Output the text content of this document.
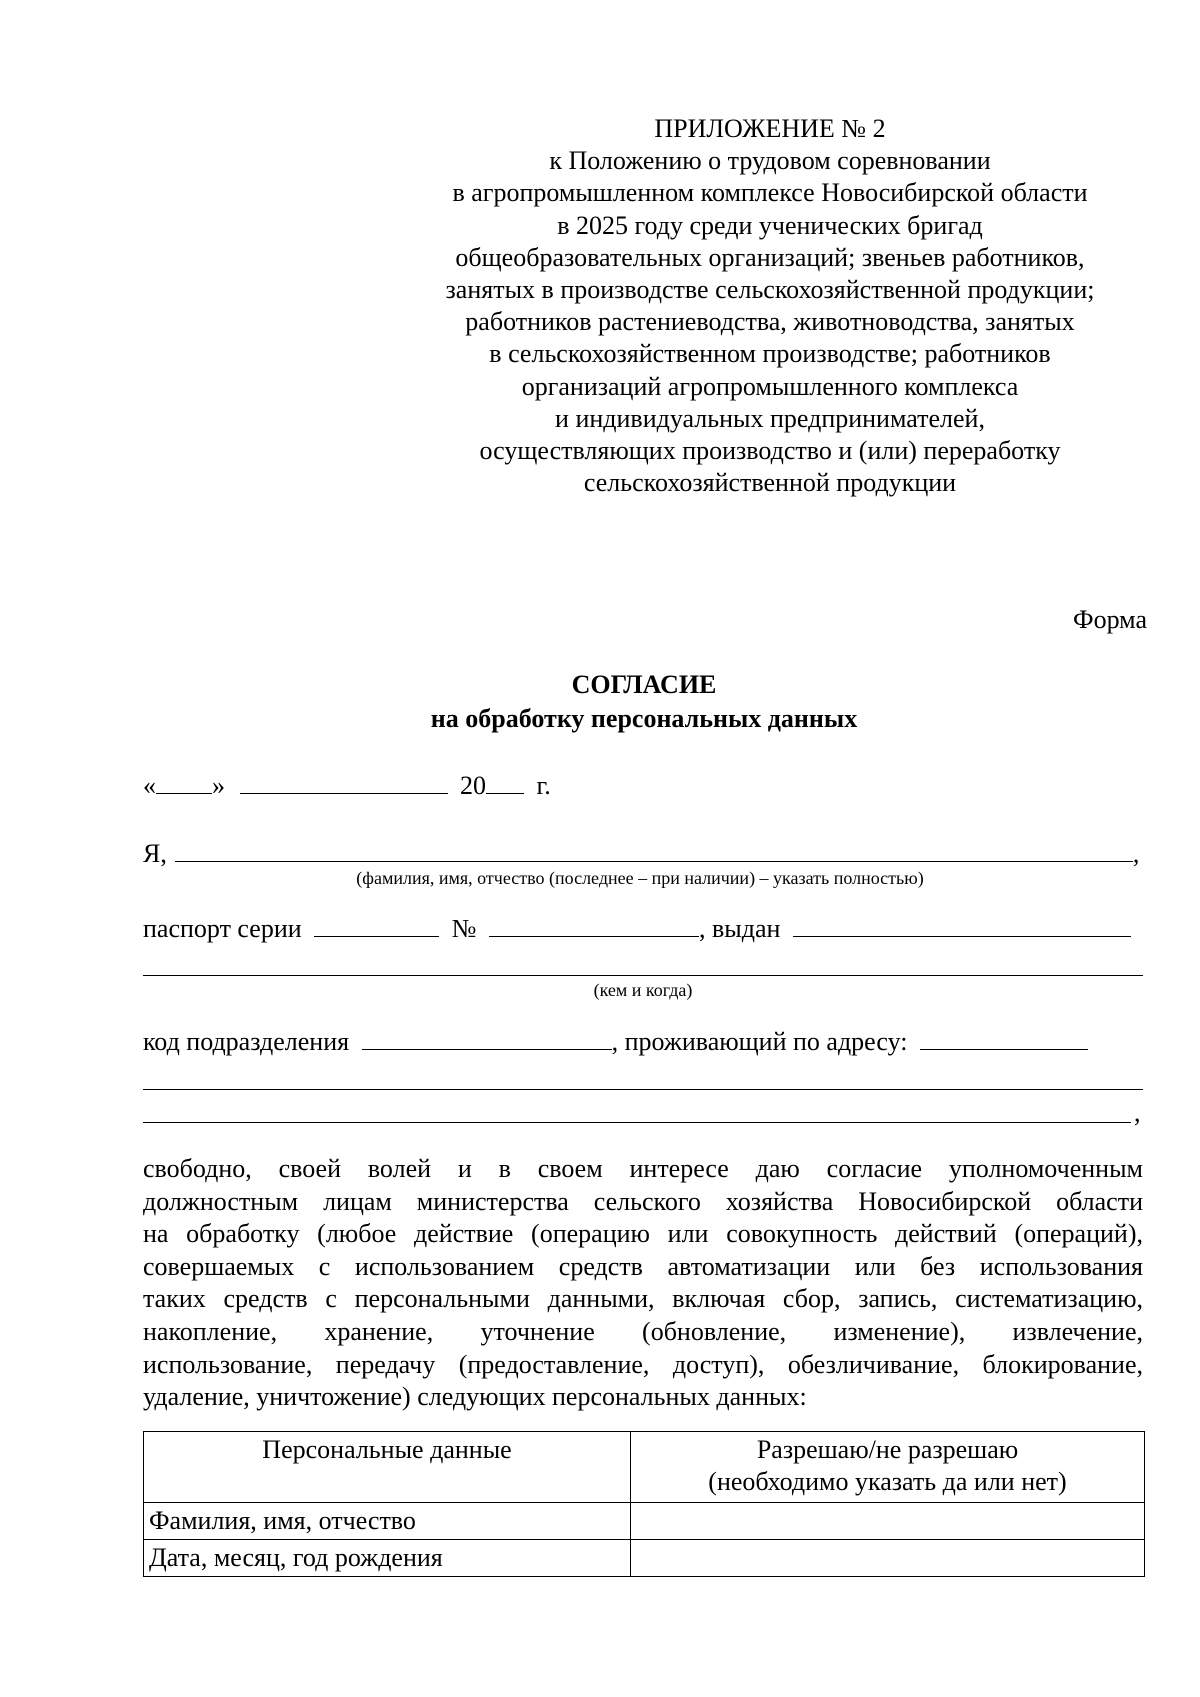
ПРИЛОЖЕНИЕ № 2
к Положению о трудовом соревновании
в агропромышленном комплексе Новосибирской области
в 2025 году среди ученических бригад
общеобразовательных организаций; звеньев работников,
занятых в производстве сельскохозяйственной продукции;
работников растениеводства, животноводства, занятых
в сельскохозяйственном производстве; работников
организаций агропромышленного комплекса
и индивидуальных предпринимателей,
осуществляющих производство и (или) переработку
сельскохозяйственной продукции
Форма
СОГЛАСИЕ
на обработку персональных данных
« »	20 г.
Я,	,
(фамилия, имя, отчество (последнее – при наличии) – указать полностью)
паспорт серии	№	, выдан
(кем и когда)
код подразделения	, проживающий по адресу:
,
свободно, своей волей и в своем интересе даю согласие уполномоченным
должностным лицам министерства сельского хозяйства Новосибирской области
на обработку (любое действие (операцию или совокупность действий (операций),
совершаемых с использованием средств автоматизации или без использования
таких средств с персональными данными, включая сбор, запись, систематизацию,
накопление, хранение, уточнение (обновление, изменение), извлечение,
использование, передачу (предоставление, доступ), обезличивание, блокирование,
удаление, уничтожение) следующих персональных данных:
Персональные данные	Разрешаю/не разрешаю
(необходимо указать да или нет)

Фамилия, имя, отчество	
Дата, месяц, год рождения	
